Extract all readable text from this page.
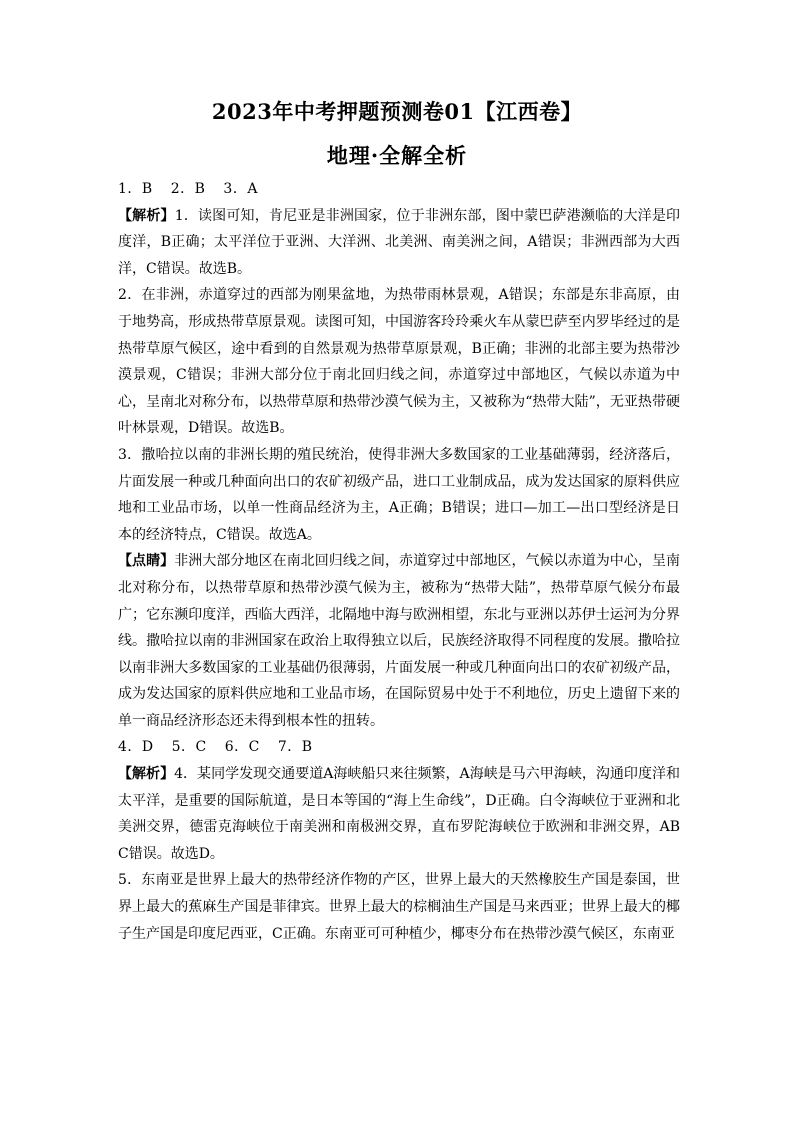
2023年中考押题预测卷01【江西卷】
地理·全解全析

1．B 2．B 3．A

【解析】1．读图可知，肯尼亚是非洲国家，位于非洲东部，图中蒙巴萨港濒临的大洋是印度洋，B正确；太平洋位于亚洲、大洋洲、北美洲、南美洲之间，A错误；非洲西部为大西洋，C错误。故选B。

2．在非洲，赤道穿过的西部为刚果盆地，为热带雨林景观，A错误；东部是东非高原，由于地势高，形成热带草原景观。读图可知，中国游客玲玲乘火车从蒙巴萨至内罗毕经过的是热带草原气候区，途中看到的自然景观为热带草原景观，B正确；非洲的北部主要为热带沙漠景观，C错误；非洲大部分位于南北回归线之间，赤道穿过中部地区，气候以赤道为中心，呈南北对称分布，以热带草原和热带沙漠气候为主，又被称为“热带大陆”，无亚热带硬叶林景观，D错误。故选B。

3．撒哈拉以南的非洲长期的殖民统治，使得非洲大多数国家的工业基础薄弱，经济落后，片面发展一种或几种面向出口的农矿初级产品，进口工业制成品，成为发达国家的原料供应地和工业品市场，以单一性商品经济为主，A正确；B错误；进口—加工—出口型经济是日本的经济特点，C错误。故选A。

【点睛】非洲大部分地区在南北回归线之间，赤道穿过中部地区，气候以赤道为中心，呈南北对称分布，以热带草原和热带沙漠气候为主，被称为“热带大陆”，热带草原气候分布最广；它东濒印度洋，西临大西洋，北隔地中海与欧洲相望，东北与亚洲以苏伊士运河为分界线。撒哈拉以南的非洲国家在政治上取得独立以后，民族经济取得不同程度的发展。撒哈拉以南非洲大多数国家的工业基础仍很薄弱，片面发展一种或几种面向出口的农矿初级产品，成为发达国家的原料供应地和工业品市场，在国际贸易中处于不利地位，历史上遗留下来的单一商品经济形态还未得到根本性的扭转。

4．D 5．C 6．C 7．B

【解析】4．某同学发现交通要道A海峡船只来往频繁，A海峡是马六甲海峡，沟通印度洋和太平洋，是重要的国际航道，是日本等国的“海上生命线”，D正确。白令海峡位于亚洲和北美洲交界，德雷克海峡位于南美洲和南极洲交界，直布罗陀海峡位于欧洲和非洲交界，ABC错误。故选D。

5．东南亚是世界上最大的热带经济作物的产区，世界上最大的天然橡胶生产国是泰国，世界上最大的蕉麻生产国是菲律宾。世界上最大的棕榈油生产国是马来西亚；世界上最大的椰子生产国是印度尼西亚，C正确。东南亚可可种植少，椰枣分布在热带沙漠气候区，东南亚
